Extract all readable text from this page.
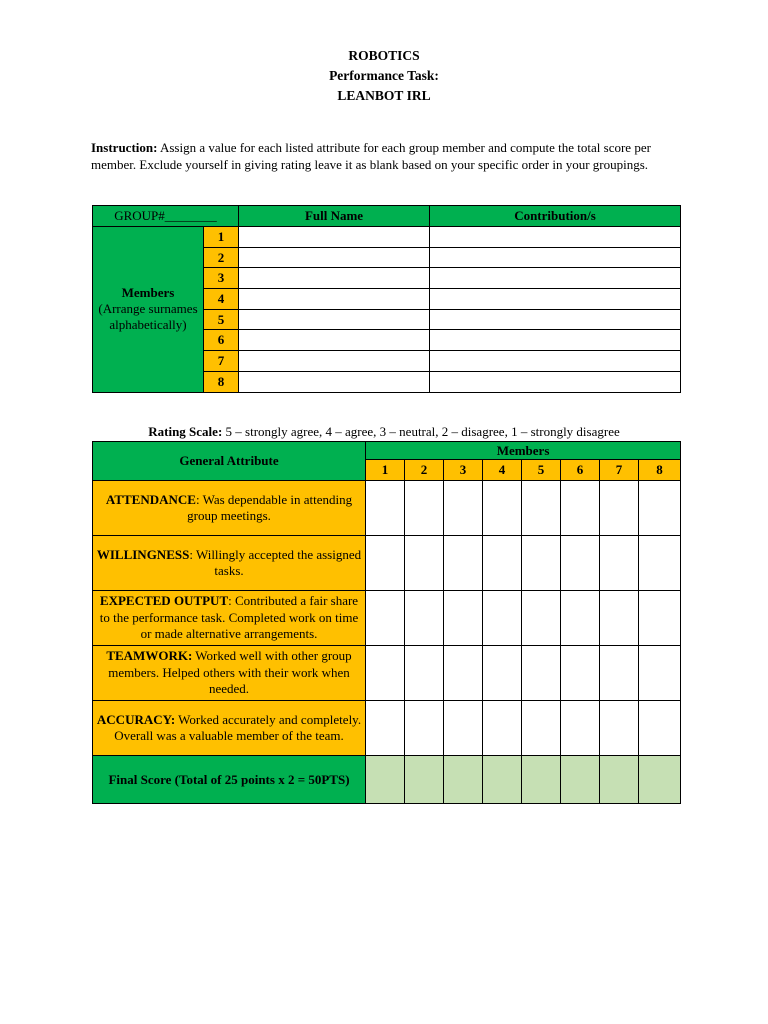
ROBOTICS
Performance Task:
LEANBOT IRL
Instruction: Assign a value for each listed attribute for each group member and compute the total score per member. Exclude yourself in giving rating leave it as blank based on your specific order in your groupings.
GROUP#________		Full Name	Contribution/s
Members
(Arrange surnames alphabetically)	1		
	2		
	3		
	4		
	5		
	6		
	7		
	8		
Rating Scale: 5 – strongly agree, 4 – agree, 3 – neutral, 2 – disagree, 1 – strongly disagree
General Attribute	Members							
	1	2	3	4	5	6	7	8
ATTENDANCE: Was dependable in attending group meetings.								
WILLINGNESS: Willingly accepted the assigned tasks.								
EXPECTED OUTPUT: Contributed a fair share to the performance task. Completed work on time or made alternative arrangements.								
TEAMWORK: Worked well with other group members. Helped others with their work when needed.								
ACCURACY: Worked accurately and completely. Overall was a valuable member of the team.								
Final Score (Total of 25 points x 2 = 50PTS)								
